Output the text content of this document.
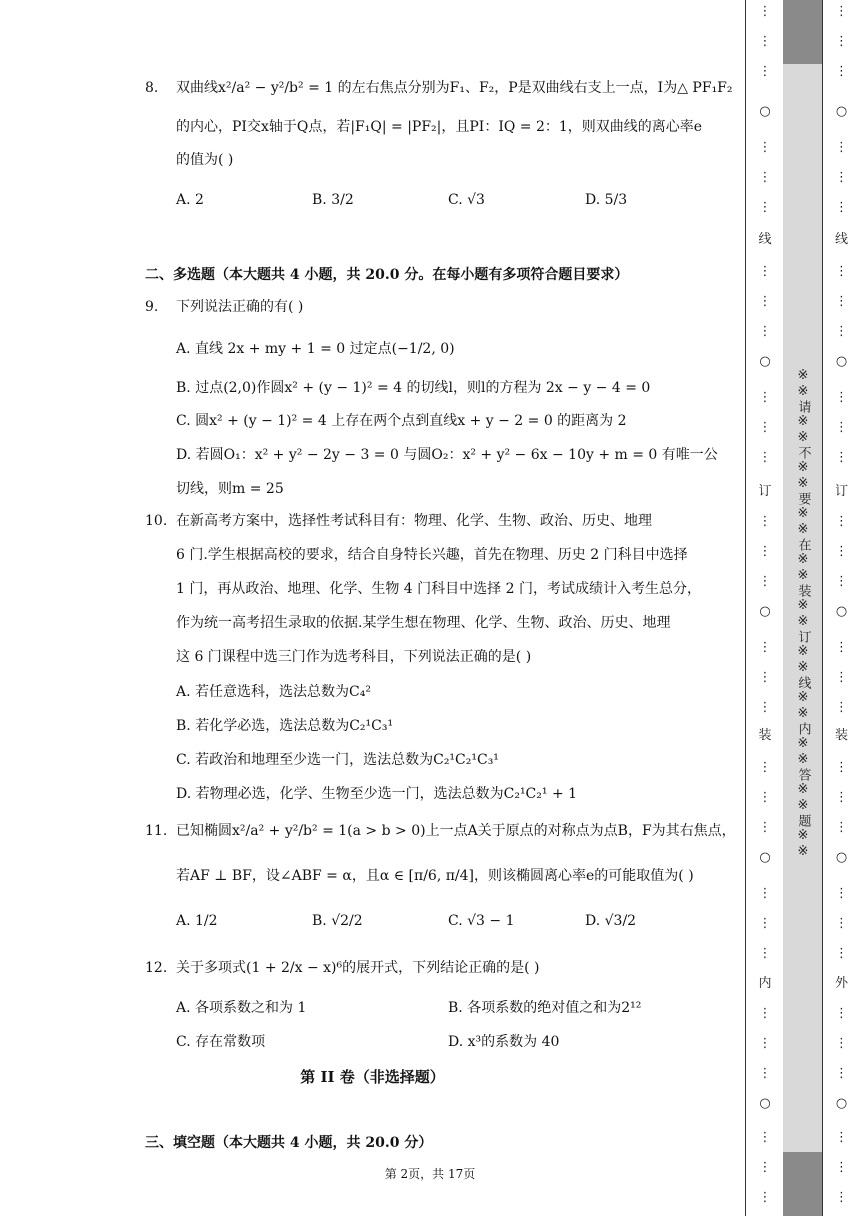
8. 双曲线x²/a² − y²/b² = 1 的左右焦点分别为F₁、F₂，P是双曲线右支上一点，I为△ PF₁F₂
的内心，PI交x轴于Q点，若|F₁Q| = |PF₂|，且PI：IQ = 2：1，则双曲线的离心率e
的值为( )
A. 2	B. 3/2	C. √3	D. 5/3
二、多选题（本大题共 4 小题，共 20.0 分。在每小题有多项符合题目要求）
9. 下列说法正确的有( )
A. 直线 2x + my + 1 = 0 过定点(−1/2, 0)
B. 过点(2,0)作圆x² + (y − 1)² = 4 的切线l，则l的方程为 2x − y − 4 = 0
C. 圆x² + (y − 1)² = 4 上存在两个点到直线x + y − 2 = 0 的距离为 2
D. 若圆O₁：x² + y² − 2y − 3 = 0 与圆O₂：x² + y² − 6x − 10y + m = 0 有唯一公
切线，则m = 25
10. 在新高考方案中，选择性考试科目有：物理、化学、生物、政治、历史、地理
6 门.学生根据高校的要求，结合自身特长兴趣，首先在物理、历史 2 门科目中选择
1 门，再从政治、地理、化学、生物 4 门科目中选择 2 门，考试成绩计入考生总分，
作为统一高考招生录取的依据.某学生想在物理、化学、生物、政治、历史、地理
这 6 门课程中选三门作为选考科目，下列说法正确的是( )
A. 若任意选科，选法总数为C₄²
B. 若化学必选，选法总数为C₂¹C₃¹
C. 若政治和地理至少选一门，选法总数为C₂¹C₂¹C₃¹
D. 若物理必选，化学、生物至少选一门，选法总数为C₂¹C₂¹ + 1
11. 已知椭圆x²/a² + y²/b² = 1(a > b > 0)上一点A关于原点的对称点为点B，F为其右焦点，
若AF ⊥ BF，设∠ABF = α，且α ∈ [π/6, π/4]，则该椭圆离心率e的可能取值为( )
A. 1/2	B. √2/2	C. √3 − 1	D. √3/2
12. 关于多项式(1 + 2/x − x)⁶的展开式，下列结论正确的是( )
A. 各项系数之和为 1	B. 各项系数的绝对值之和为2¹²
C. 存在常数项	D. x³的系数为 40
第 II 卷（非选择题）
三、填空题（本大题共 4 小题，共 20.0 分）
第 2页，共 17页
⋮
⋮
⋮
○
⋮
⋮
⋮
线
⋮
⋮
⋮
○
⋮
⋮
⋮
订
⋮
⋮
⋮
○
⋮
⋮
⋮
装
⋮
⋮
⋮
○
⋮
⋮
⋮
内
⋮
⋮
⋮
○
⋮
⋮
⋮
※※请※※不※※要※※在※※装※※订※※线※※内※※答※※题※※
⋮
⋮
⋮
○
⋮
⋮
⋮
线
⋮
⋮
⋮
○
⋮
⋮
⋮
订
⋮
⋮
⋮
○
⋮
⋮
⋮
装
⋮
⋮
⋮
○
⋮
⋮
⋮
外
⋮
⋮
⋮
○
⋮
⋮
⋮
